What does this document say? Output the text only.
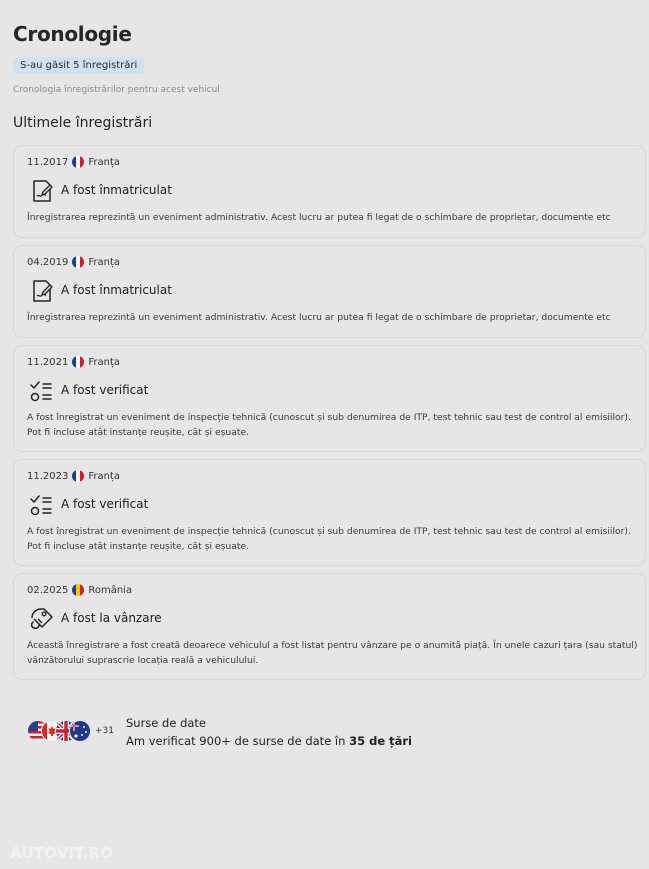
Cronologie
S-au găsit 5 înregistrări
Cronologia înregistrărilor pentru acest vehicul
Ultimele înregistrări
11.2017 Franța
A fost înmatriculat
Înregistrarea reprezintă un eveniment administrativ. Acest lucru ar putea fi legat de o schimbare de proprietar, documente etc
04.2019 Franța
A fost înmatriculat
Înregistrarea reprezintă un eveniment administrativ. Acest lucru ar putea fi legat de o schimbare de proprietar, documente etc
11.2021 Franța
A fost verificat
A fost înregistrat un eveniment de inspecție tehnică (cunoscut și sub denumirea de ITP, test tehnic sau test de control al emisiilor). Pot fi incluse atât instanțe reușite, cât și eșuate.
11.2023 Franța
A fost verificat
A fost înregistrat un eveniment de inspecție tehnică (cunoscut și sub denumirea de ITP, test tehnic sau test de control al emisiilor). Pot fi incluse atât instanțe reușite, cât și eșuate.
02.2025 România
A fost la vânzare
Această înregistrare a fost creată deoarece vehiculul a fost listat pentru vânzare pe o anumită piață. În unele cazuri țara (sau statul) vânzătorului suprascrie locația reală a vehiculului.
+31
Surse de date
Am verificat 900+ de surse de date în 35 de țări
AUTOVIT.RO
